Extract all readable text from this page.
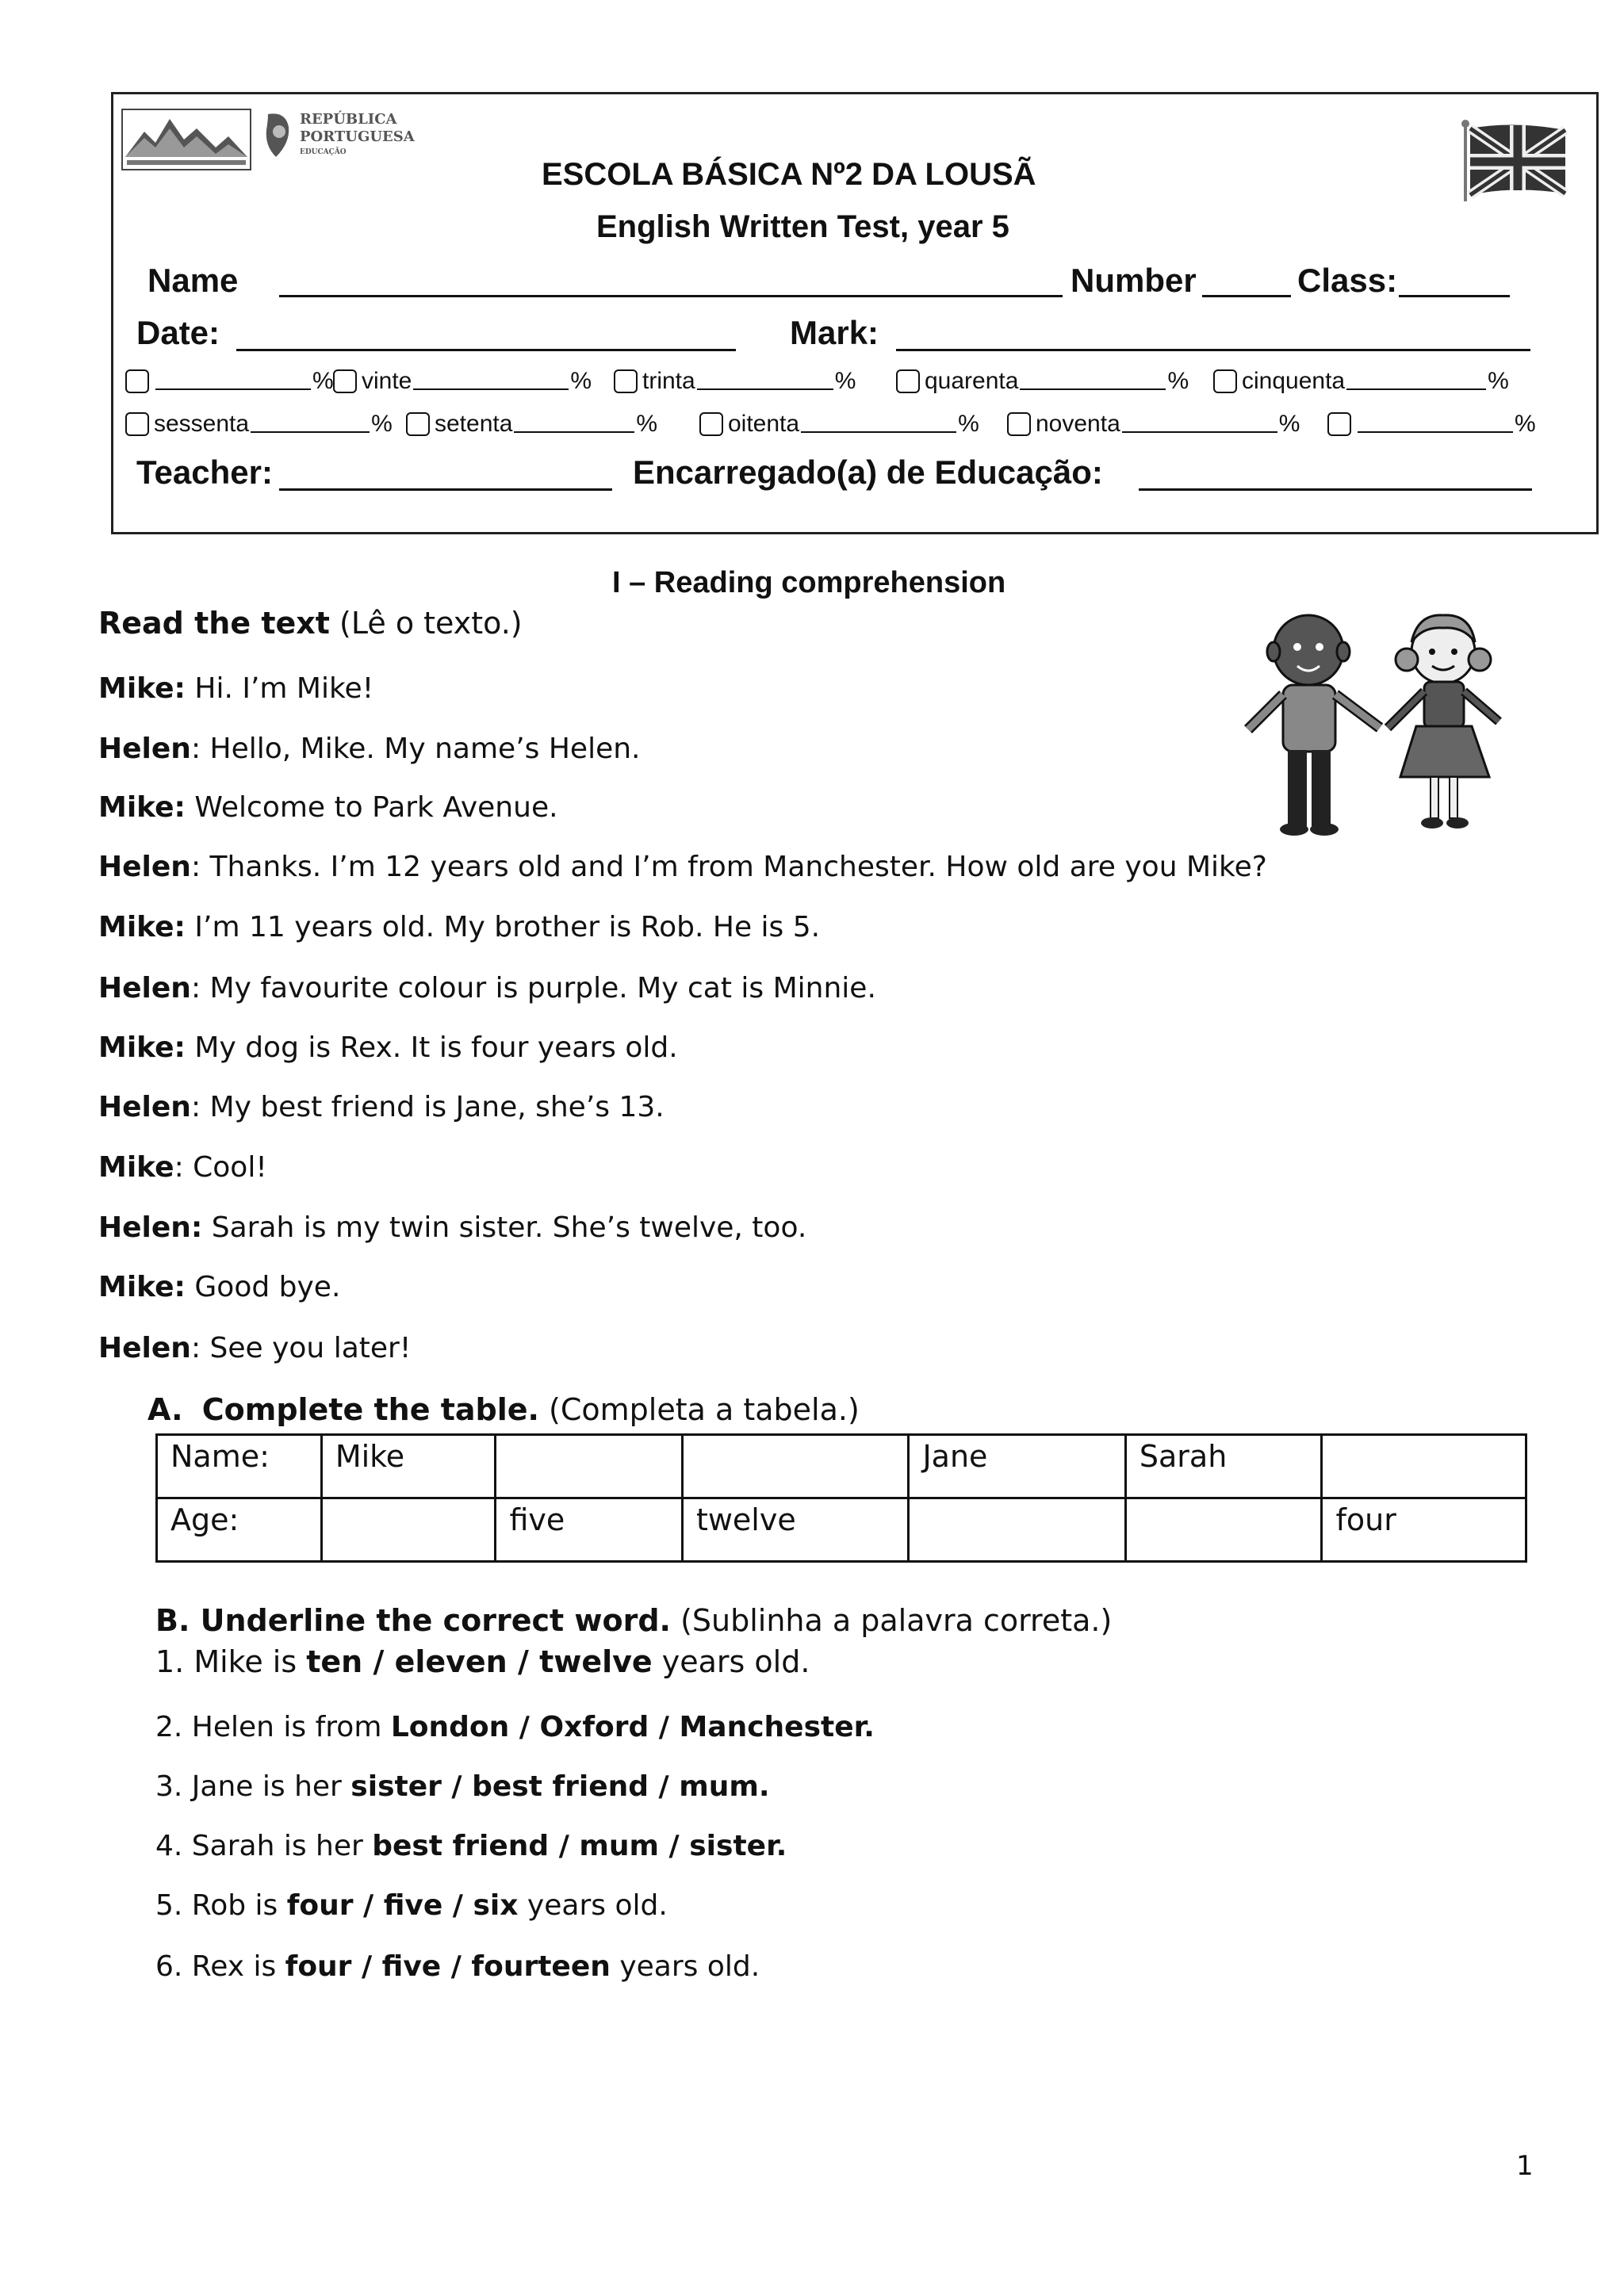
REPÚBLICA
PORTUGUESA
EDUCAÇÃO
ESCOLA BÁSICA Nº2 DA LOUSÃ
English Written Test, year 5
Name	Number	Class:
Date:	Mark:
% vinte	% trinta	%	quarenta	% cinquenta	%
sessenta	% setenta	%	oitenta	% noventa	%	%
Teacher:	Encarregado(a) de Educação:
I – Reading comprehension
Read the text (Lê o texto.)
Mike: Hi. I’m Mike!
Helen: Hello, Mike. My name’s Helen.
Mike: Welcome to Park Avenue.
Helen: Thanks. I’m 12 years old and I’m from Manchester. How old are you Mike?
Mike: I’m 11 years old. My brother is Rob. He is 5.
Helen: My favourite colour is purple. My cat is Minnie.
Mike: My dog is Rex. It is four years old.
Helen: My best friend is Jane, she’s 13.
Mike: Cool!
Helen: Sarah is my twin sister. She’s twelve, too.
Mike: Good bye.
Helen: See you later!
A. Complete the table. (Completa a tabela.)
Name:	Mike			Jane	Sarah	
Age:		five	twelve			four
B. Underline the correct word. (Sublinha a palavra correta.)
1. Mike is ten / eleven / twelve years old.
2. Helen is from London / Oxford / Manchester.
3. Jane is her sister / best friend / mum.
4. Sarah is her best friend / mum / sister.
5. Rob is four / five / six years old.
6. Rex is four / five / fourteen years old.
1
